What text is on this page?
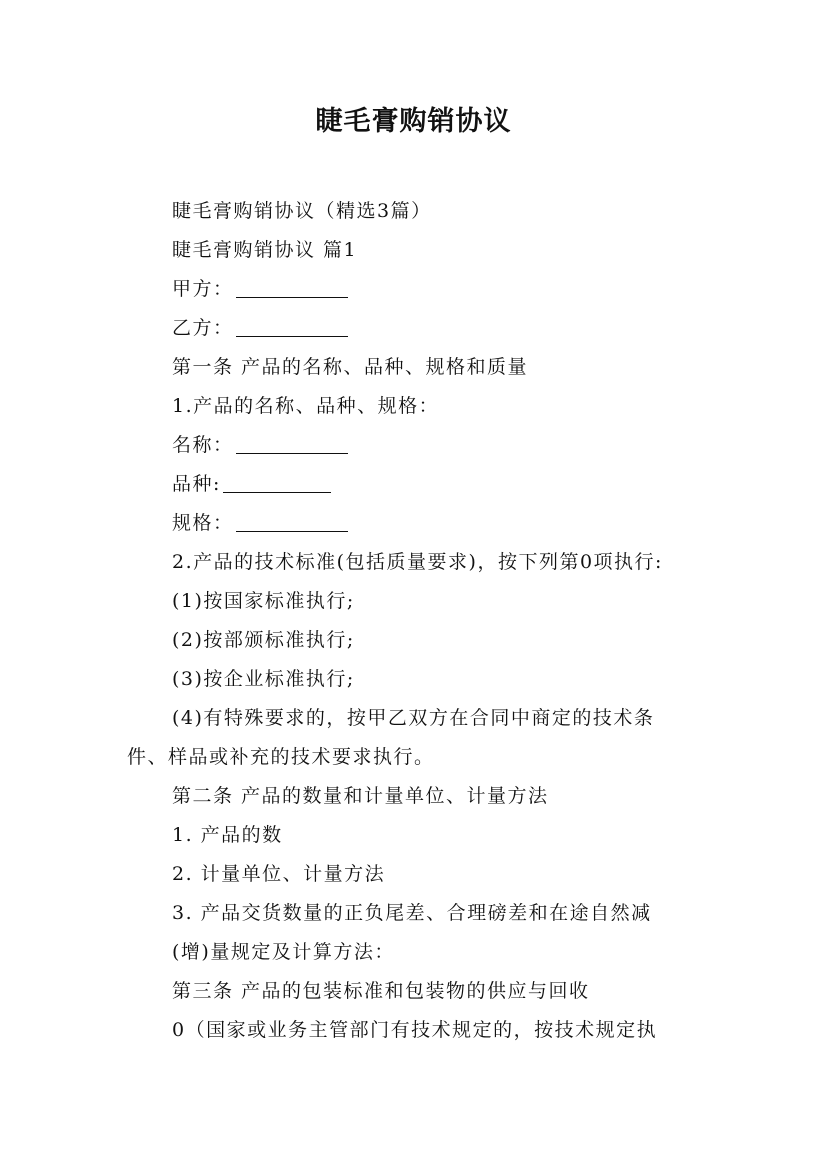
睫毛膏购销协议
睫毛膏购销协议（精选3篇）
睫毛膏购销协议 篇1
甲方：
乙方：
第一条 产品的名称、品种、规格和质量
1.产品的名称、品种、规格：
名称：
品种:
规格：
2.产品的技术标准(包括质量要求)，按下列第0项执行:
(1)按国家标准执行;
(2)按部颁标准执行;
(3)按企业标准执行;
(4)有特殊要求的，按甲乙双方在合同中商定的技术条
件、样品或补充的技术要求执行。
第二条 产品的数量和计量单位、计量方法
1. 产品的数
2. 计量单位、计量方法
3. 产品交货数量的正负尾差、合理磅差和在途自然减
(增)量规定及计算方法：
第三条 产品的包装标准和包装物的供应与回收
0（国家或业务主管部门有技术规定的，按技术规定执
